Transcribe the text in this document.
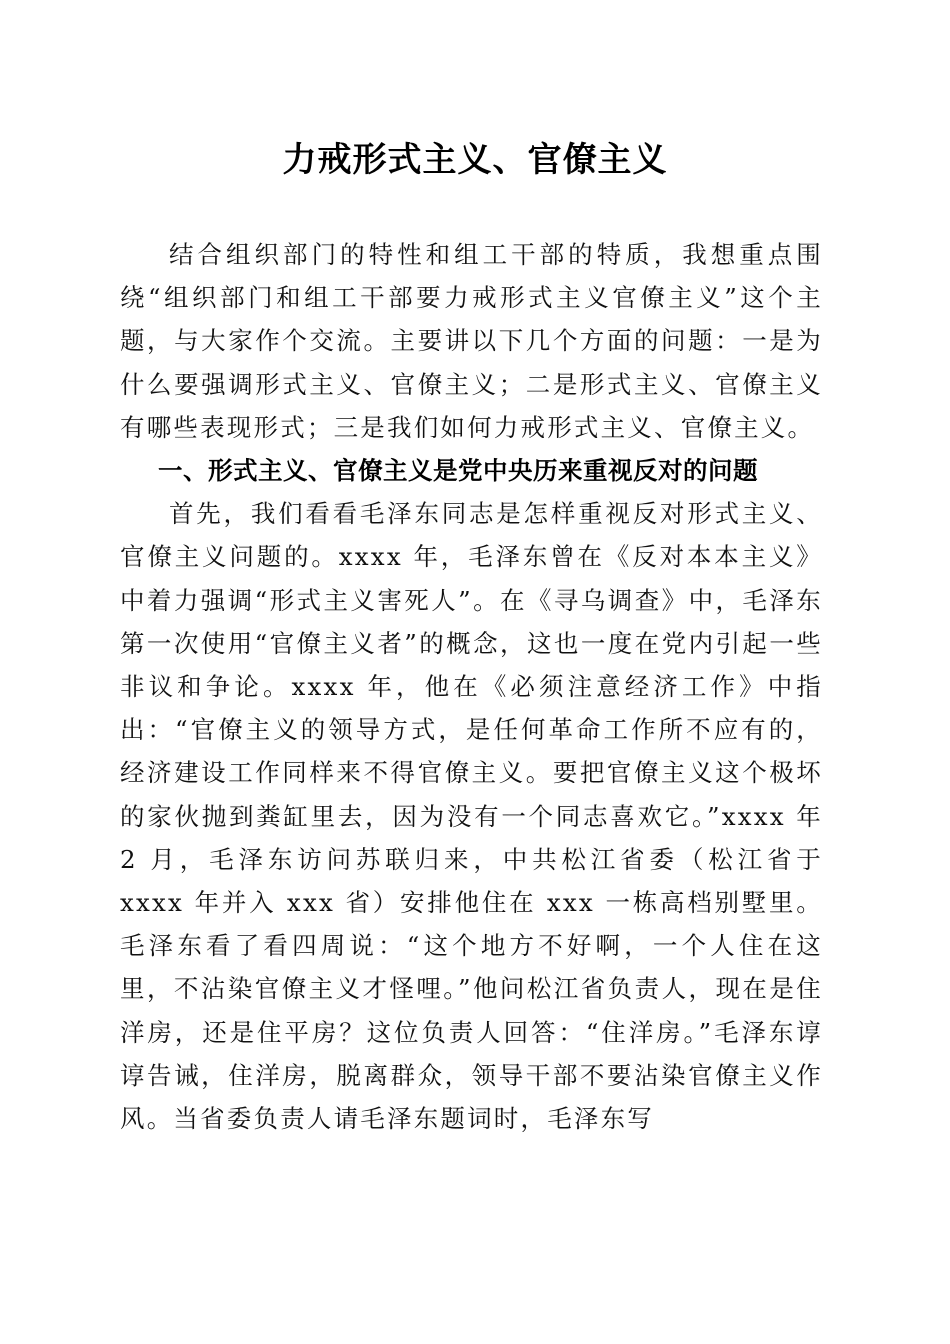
力戒形式主义、官僚主义

结合组织部门的特性和组工干部的特质，我想重点围绕“组织部门和组工干部要力戒形式主义官僚主义”这个主题，与大家作个交流。主要讲以下几个方面的问题：一是为什么要强调形式主义、官僚主义；二是形式主义、官僚主义有哪些表现形式；三是我们如何力戒形式主义、官僚主义。

一、形式主义、官僚主义是党中央历来重视反对的问题

首先，我们看看毛泽东同志是怎样重视反对形式主义、官僚主义问题的。xxxx 年，毛泽东曾在《反对本本主义》中着力强调“形式主义害死人”。在《寻乌调查》中，毛泽东第一次使用“官僚主义者”的概念，这也一度在党内引起一些非议和争论。xxxx 年，他在《必须注意经济工作》中指出：“官僚主义的领导方式，是任何革命工作所不应有的，经济建设工作同样来不得官僚主义。要把官僚主义这个极坏的家伙抛到粪缸里去，因为没有一个同志喜欢它。”xxxx 年 2 月，毛泽东访问苏联归来，中共松江省委（松江省于 xxxx 年并入 xxx 省）安排他住在 xxx 一栋高档别墅里。毛泽东看了看四周说：“这个地方不好啊，一个人住在这里，不沾染官僚主义才怪哩。”他问松江省负责人，现在是住洋房，还是住平房？这位负责人回答：“住洋房。”毛泽东谆谆告诫，住洋房，脱离群众，领导干部不要沾染官僚主义作风。当省委负责人请毛泽东题词时，毛泽东写
